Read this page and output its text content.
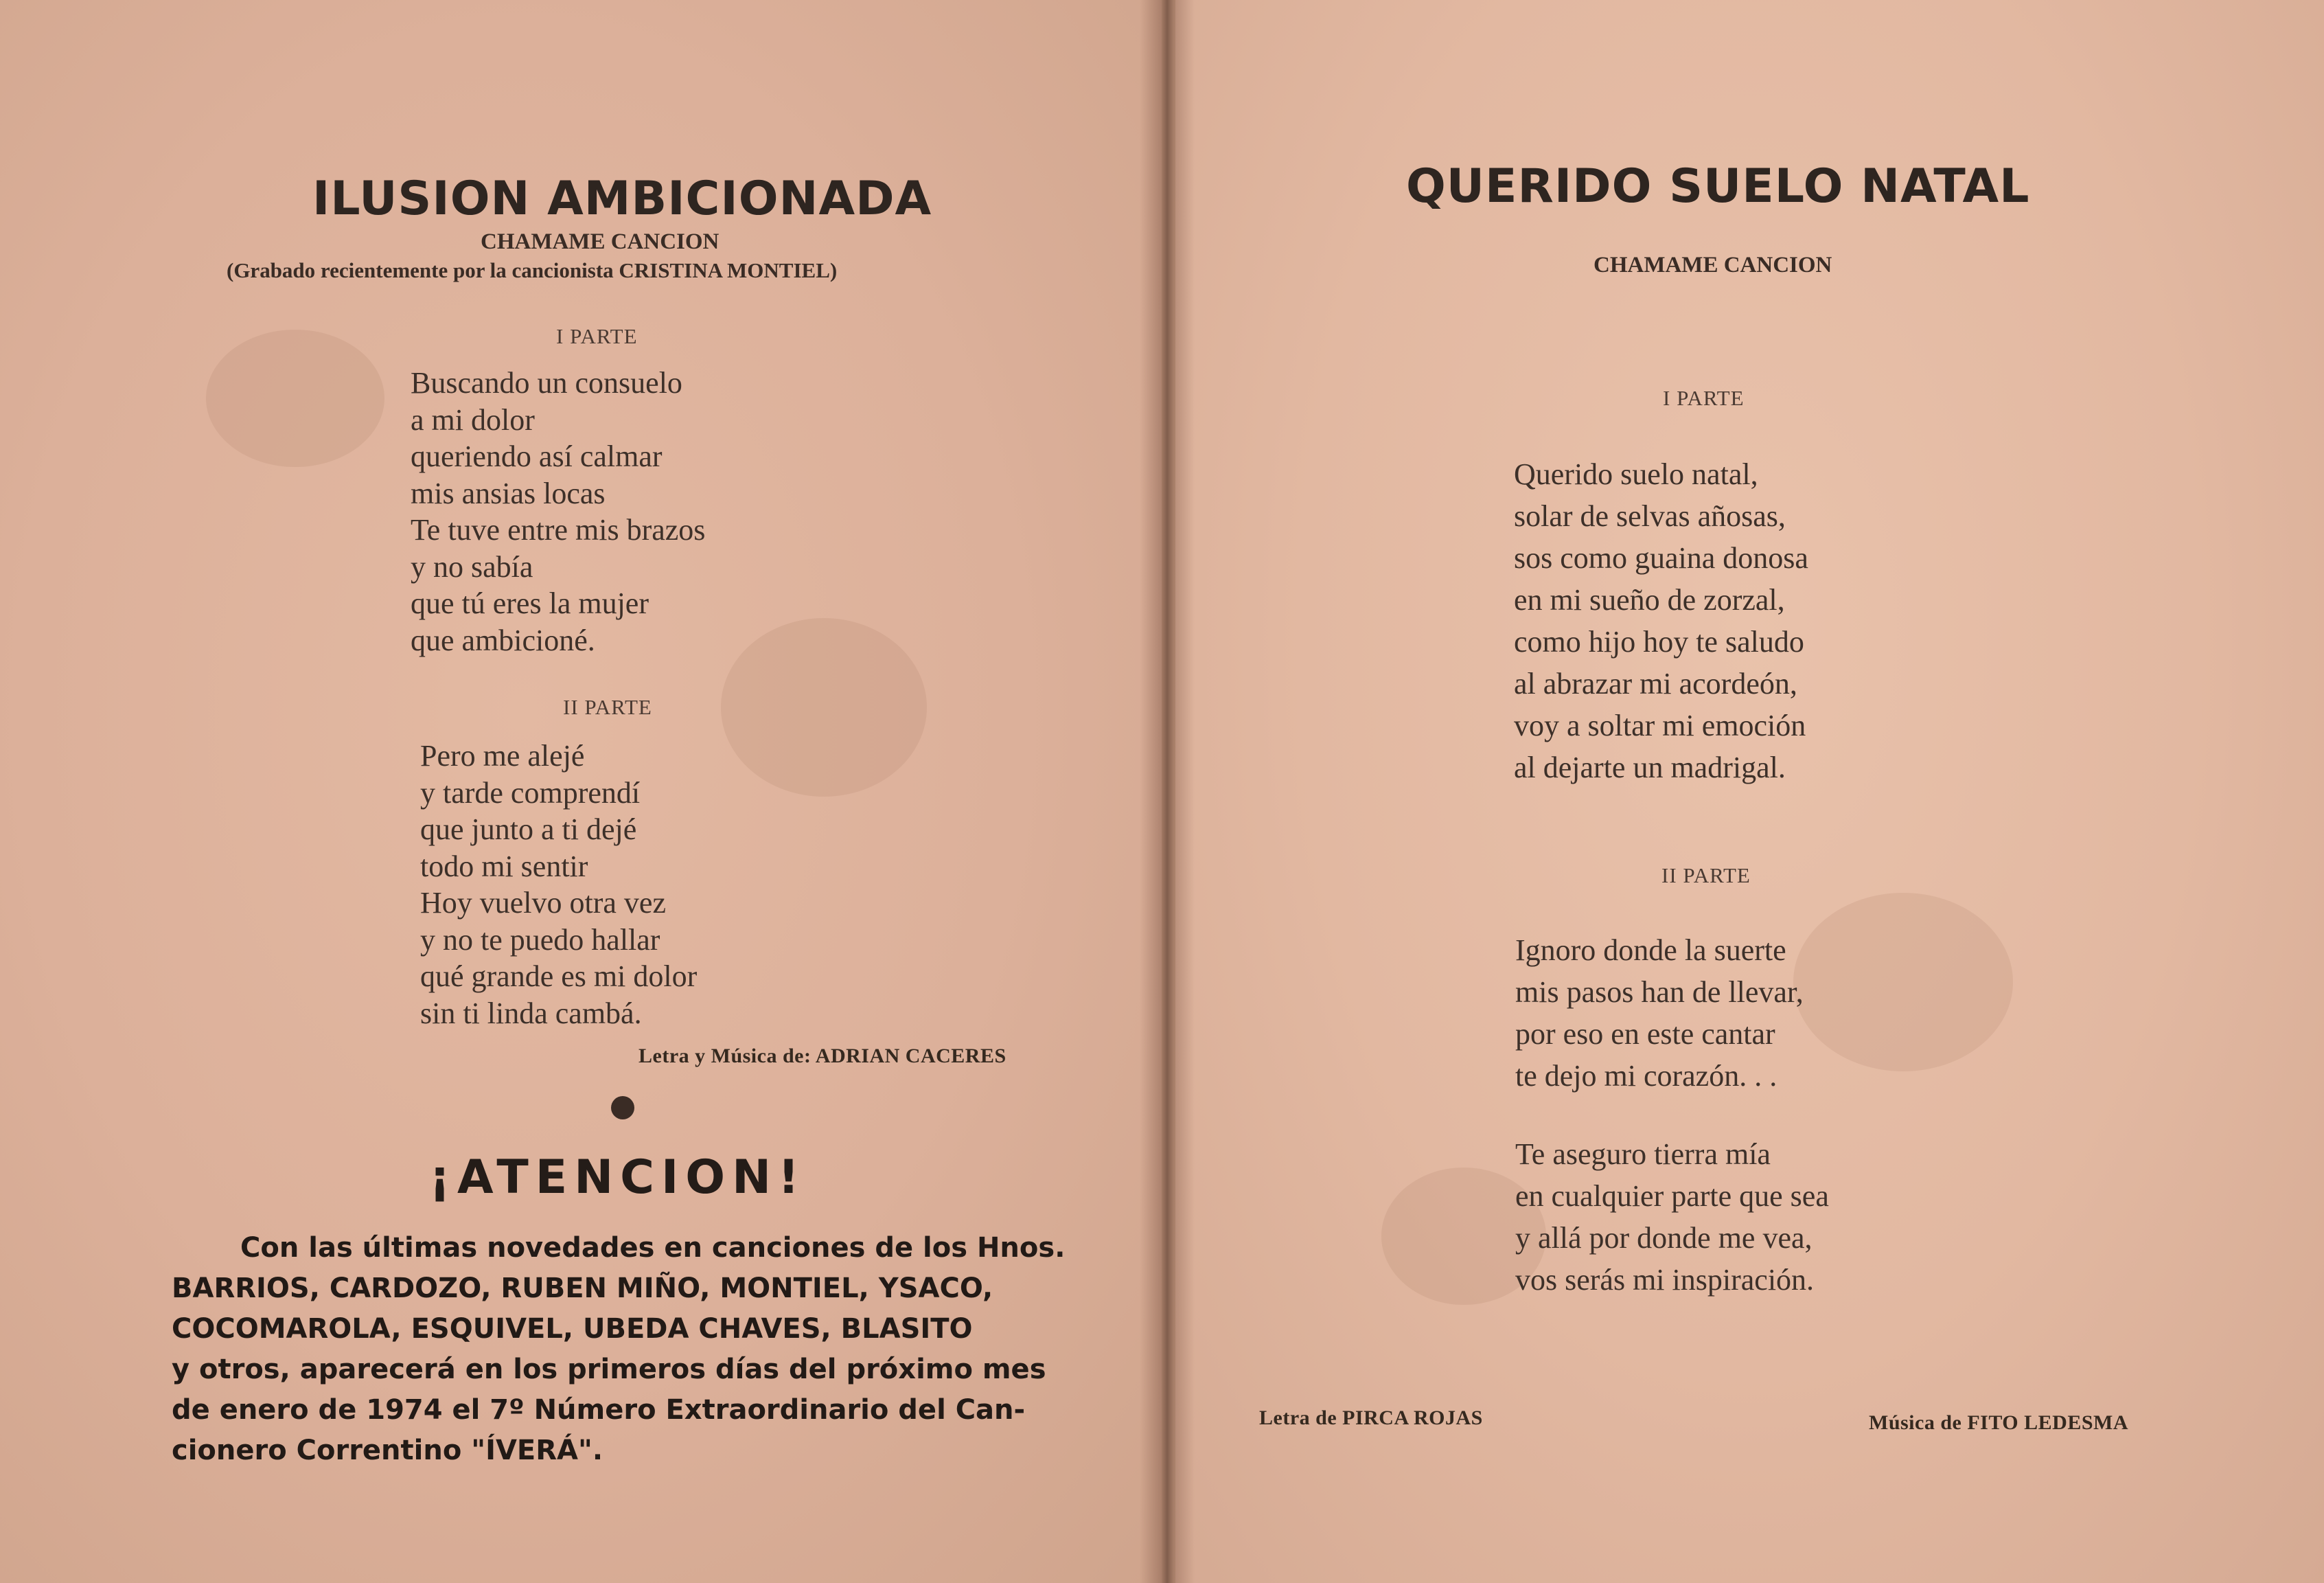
ILUSION AMBICIONADA
CHAMAME CANCION
(Grabado recientemente por la cancionista CRISTINA MONTIEL)
I PARTE
Buscando un consuelo
a mi dolor
queriendo así calmar
mis ansias locas
Te tuve entre mis brazos
y no sabía
que tú eres la mujer
que ambicioné.
II PARTE
Pero me alejé
y tarde comprendí
que junto a ti dejé
todo mi sentir
Hoy vuelvo otra vez
y no te puedo hallar
qué grande es mi dolor
sin ti linda cambá.
Letra y Música de: ADRIAN CACERES
¡ATENCION!
Con las últimas novedades en canciones de los Hnos.
BARRIOS, CARDOZO, RUBEN MIÑO, MONTIEL, YSACO,
COCOMAROLA, ESQUIVEL, UBEDA CHAVES, BLASITO
y otros, aparecerá en los primeros días del próximo mes
de enero de 1974 el 7º Número Extraordinario del Can-
cionero Correntino "ÍVERÁ".
QUERIDO SUELO NATAL
CHAMAME CANCION
I PARTE
Querido suelo natal,
solar de selvas añosas,
sos como guaina donosa
en mi sueño de zorzal,
como hijo hoy te saludo
al abrazar mi acordeón,
voy a soltar mi emoción
al dejarte un madrigal.
II PARTE
Ignoro donde la suerte
mis pasos han de llevar,
por eso en este cantar
te dejo mi corazón. . .
Te aseguro tierra mía
en cualquier parte que sea
y allá por donde me vea,
vos serás mi inspiración.
Letra de PIRCA ROJAS	Música de FITO LEDESMA
